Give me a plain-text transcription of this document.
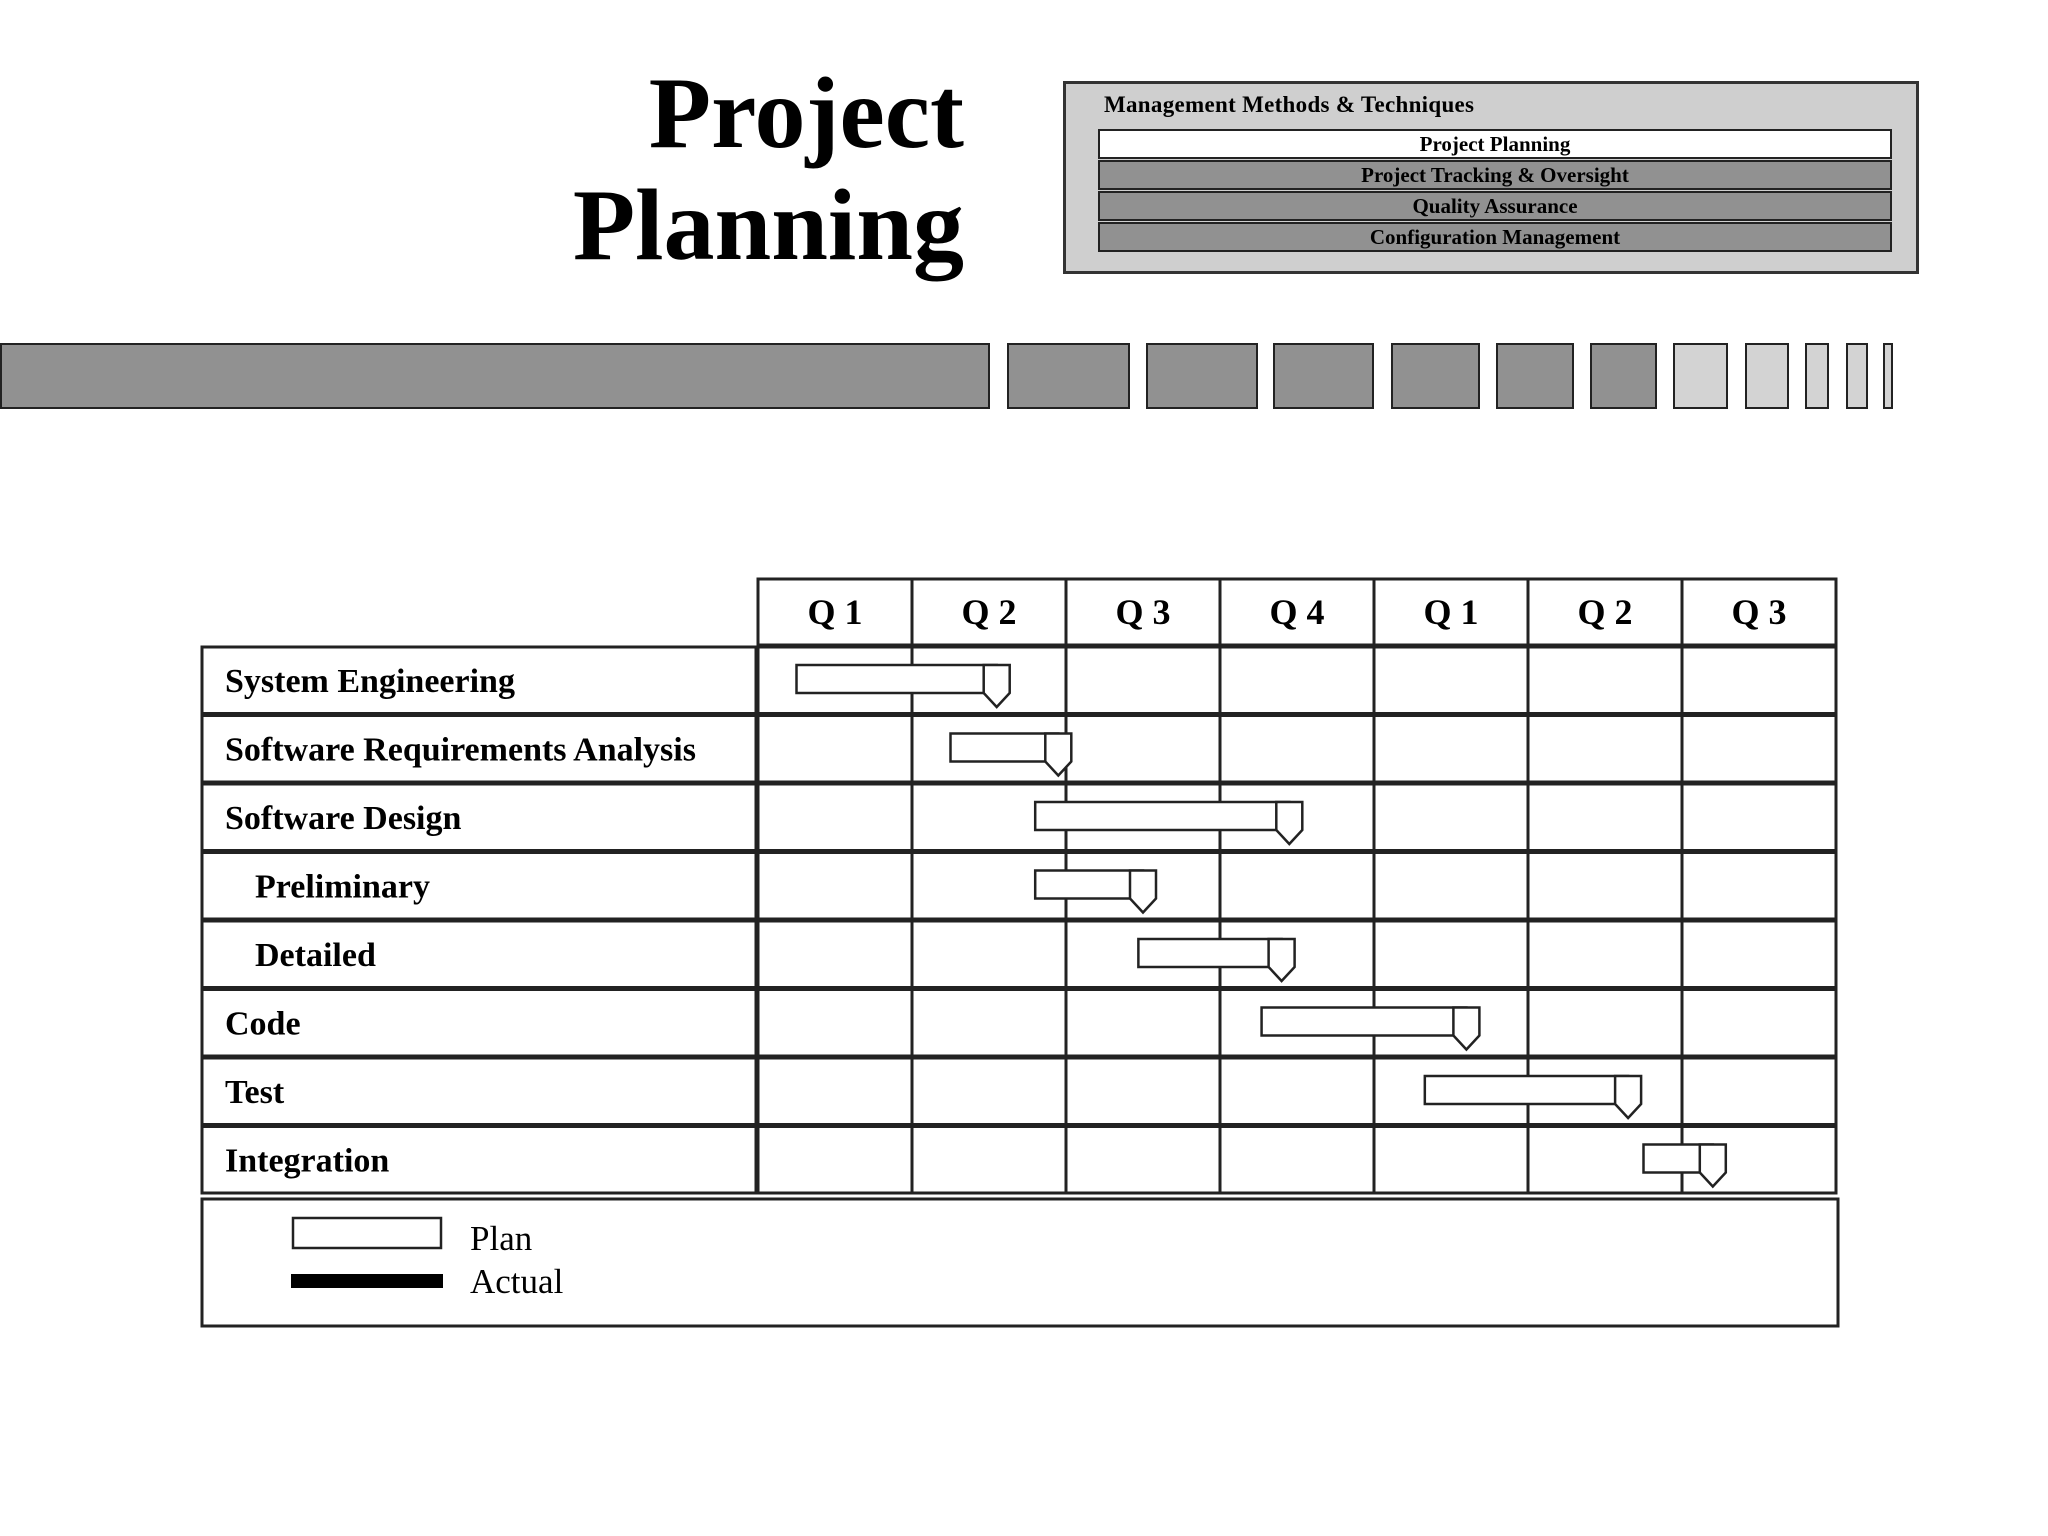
Project
Planning
Management Methods & Techniques
Project Planning
Project Tracking & Oversight
Quality Assurance
Configuration Management
Q 1	Q 2	Q 3	Q 4	Q 1	Q 2	Q 3
System Engineering
Software Requirements Analysis
Software Design
Preliminary
Detailed
Code
Test
Integration
Plan
Actual
